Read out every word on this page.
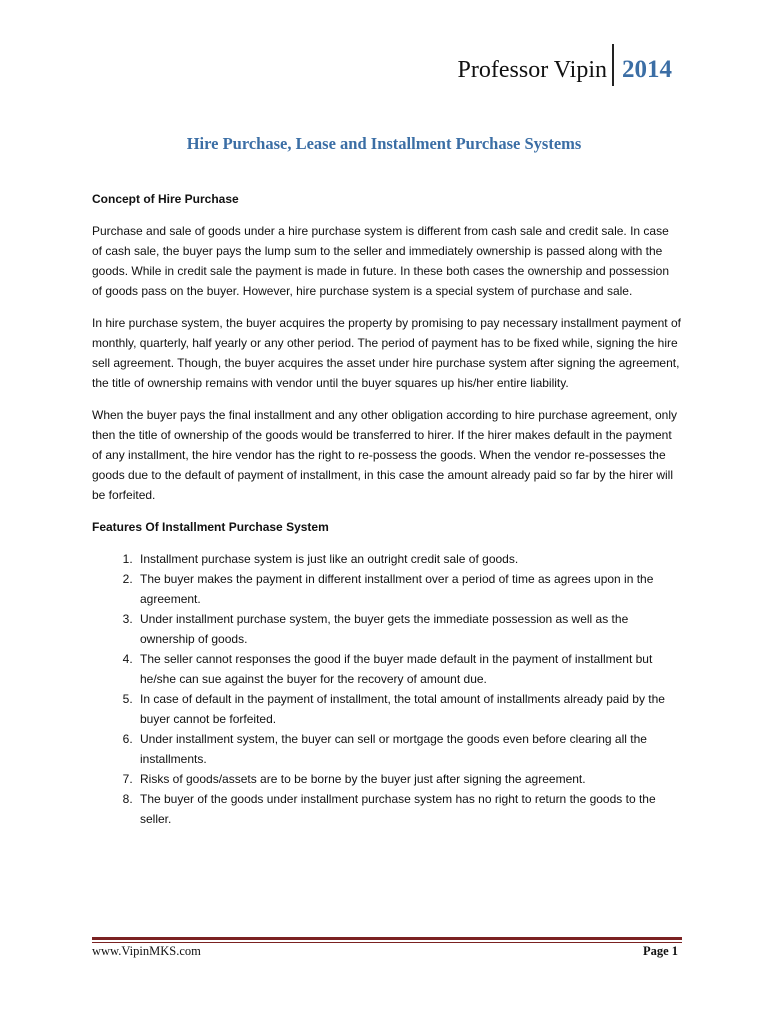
Professor Vipin 2014
Hire Purchase, Lease and Installment Purchase Systems

Concept of Hire Purchase

Purchase and sale of goods under a hire purchase system is different from cash sale and credit sale. In case of cash sale, the buyer pays the lump sum to the seller and immediately ownership is passed along with the goods. While in credit sale the payment is made in future. In these both cases the ownership and possession of goods pass on the buyer. However, hire purchase system is a special system of purchase and sale.

In hire purchase system, the buyer acquires the property by promising to pay necessary installment payment of monthly, quarterly, half yearly or any other period. The period of payment has to be fixed while, signing the hire sell agreement. Though, the buyer acquires the asset under hire purchase system after signing the agreement, the title of ownership remains with vendor until the buyer squares up his/her entire liability.

When the buyer pays the final installment and any other obligation according to hire purchase agreement, only then the title of ownership of the goods would be transferred to hirer. If the hirer makes default in the payment of any installment, the hire vendor has the right to re-possess the goods. When the vendor re-possesses the goods due to the default of payment of installment, in this case the amount already paid so far by the hirer will be forfeited.

Features Of Installment Purchase System

1. Installment purchase system is just like an outright credit sale of goods.
2. The buyer makes the payment in different installment over a period of time as agrees upon in the agreement.
3. Under installment purchase system, the buyer gets the immediate possession as well as the ownership of goods.
4. The seller cannot responses the good if the buyer made default in the payment of installment but he/she can sue against the buyer for the recovery of amount due.
5. In case of default in the payment of installment, the total amount of installments already paid by the buyer cannot be forfeited.
6. Under installment system, the buyer can sell or mortgage the goods even before clearing all the installments.
7. Risks of goods/assets are to be borne by the buyer just after signing the agreement.
8. The buyer of the goods under installment purchase system has no right to return the goods to the seller.
www.VipinMKS.com	Page 1
